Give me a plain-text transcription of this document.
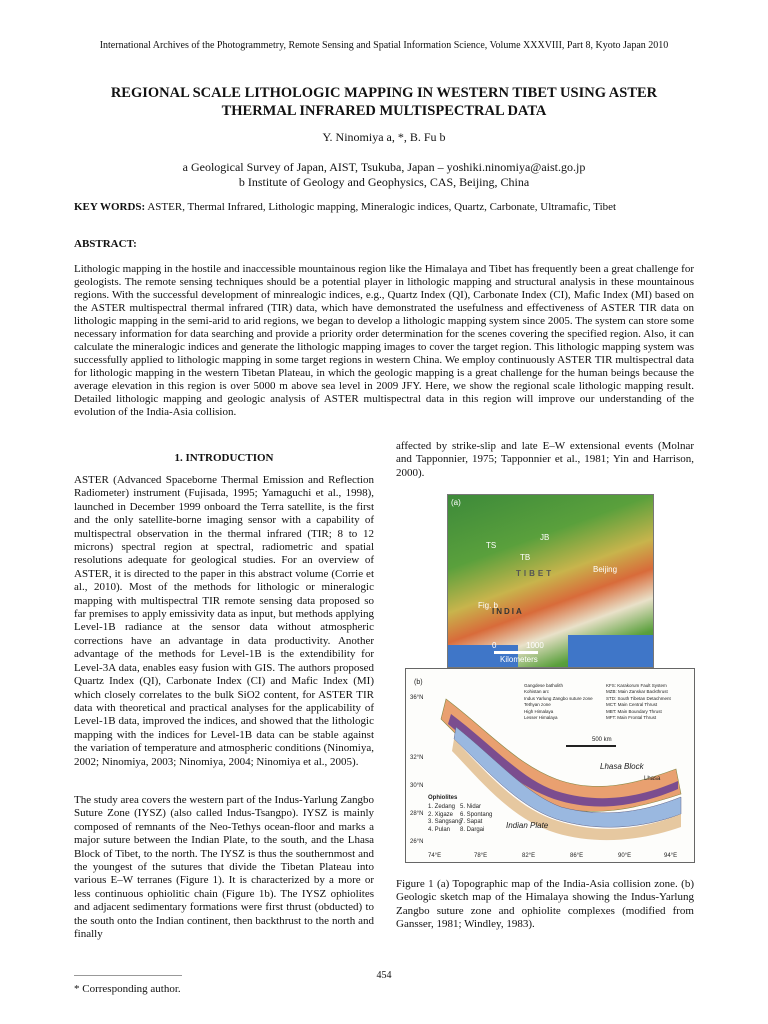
International Archives of the Photogrammetry, Remote Sensing and Spatial Information Science, Volume XXXVIII, Part 8, Kyoto Japan 2010
REGIONAL SCALE LITHOLOGIC MAPPING IN WESTERN TIBET USING ASTER
THERMAL INFRARED MULTISPECTRAL DATA
Y. Ninomiya a, *, B. Fu b
a Geological Survey of Japan, AIST, Tsukuba, Japan – yoshiki.ninomiya@aist.go.jp
b Institute of Geology and Geophysics, CAS, Beijing, China
KEY WORDS: ASTER, Thermal Infrared, Lithologic mapping, Mineralogic indices, Quartz, Carbonate, Ultramafic, Tibet
ABSTRACT:
Lithologic mapping in the hostile and inaccessible mountainous region like the Himalaya and Tibet has frequently been a great challenge for geologists. The remote sensing techniques should be a potential player in lithologic mapping and structural analysis in these mountainous regions. With the successful development of minrealogic indices, e.g., Quartz Index (QI), Carbonate Index (CI), Mafic Index (MI) based on the ASTER multispectral thermal infrared (TIR) data, which have demonstrated the usefulness and effectiveness of ASTER TIR data on lithologic mapping in the semi-arid to arid regions, we began to develop a lithologic mapping system since 2005. The system can store some necessary information for data searching and provide a priority order determination for the scenes covering the specified region. Also, it can calculate the mineralogic indices and generate the lithologic mapping images to cover the target region. This lithologic mapping system was successfully applied to lithologic mapping in some target regions in western China. We employ continuously ASTER TIR multispectral data for lithologic mapping in the western Tibetan Plateau, in which the geologic mapping is a great challenge for the human beings because the average elevation in this region is over 5000 m above sea level in 2009 JFY. Here, we show the regional scale lithologic mapping result. Detailed lithologic mapping and geologic analysis of ASTER multispectral data in this region will improve our understanding of the evolution of the India-Asia collision.
1. INTRODUCTION
ASTER (Advanced Spaceborne Thermal Emission and Reflection Radiometer) instrument (Fujisada, 1995; Yamaguchi et al., 1998), launched in December 1999 onboard the Terra satellite, is the first and the only satellite-borne imaging sensor with a capability of multispectral observation in the thermal infrared (TIR; 8 to 12 microns) spectral region at spectral, radiometric and spatial resolutions adequate for geological studies. For an overview of ASTER, it is directed to the paper in this abstract volume (Corrie et al., 2010). Most of the methods for lithologic or mineralogic mapping with multispectral TIR remote sensing data proposed so far premises to apply emissivity data as input, but methods applying Level-1B radiance at the sensor data without atmospheric corrections have an advantage in data productivity. Another advantage of the methods for Level-1B is the extendibility for Level-3A data, enables easy fusion with GIS. The authors proposed Quartz Index (QI), Carbonate Index (CI) and Mafic Index (MI) which closely correlates to the bulk SiO2 content, for ASTER TIR data with theoretical and practical analyses for the applicability of Level-1B data, improved the indices, and showed that the lithologic mapping with the indices for Level-1B data can be stable against the variation of temperature and atmospheric conditions (Ninomiya, 2002; Ninomiya, 2003; Ninomiya, 2004; Ninomiya et al., 2005).
The study area covers the western part of the Indus-Yarlung Zangbo Suture Zone (IYSZ) (also called Indus-Tsangpo). IYSZ is mainly composed of remnants of the Neo-Tethys ocean-floor and marks a major suture between the Indian Plate, to the south, and the Lhasa Block of Tibet, to the north. The IYSZ is thus the southernmost and the youngest of the sutures that divide the Tibetan Plateau into various E–W terranes (Figure 1). It is characterized by a more or less continuous ophiolitic chain (Figure 1b). The IYSZ ophiolites and adjacent sedimentary formations were first thrust (obducted) to the south onto the Indian continent, then backthrust to the north and finally
affected by strike-slip and late E–W extensional events (Molnar and Tapponnier, 1975; Tapponnier et al., 1981; Yin and Harrison, 2000).
(a)
JB
TS
TB
TIBET	Beijing
Fig. b
INDIA
0	1000
Kilometers
(b)
36°N
32°N
30°N
28°N
26°N
74°E	78°E	82°E	86°E	90°E	94°E
Lhasa Block
Lhasa
Indian Plate
500 km
Ophiolites
1. Zedang
2. Xigaze
3. Sangsang
4. Pulan
5. Nidar
6. Spontang
7. Sapat
8. Dargai
Gangdese batholith
Kohistan arc
Indus Yarlung Zangbo suture zone
Tethyan zone
High Himalaya
Lesser Himalaya
KFS: Karakorum Fault System
MZB: Main Zanskar Backthrust
STD: South Tibetan Detachment
MCT: Main Central Thrust
MBT: Main Boundary Thrust
MFT: Main Frontal Thrust
Figure 1 (a) Topographic map of the India-Asia collision zone. (b) Geologic sketch map of the Himalaya showing the Indus-Yarlung Zangbo suture zone and ophiolite complexes (modified from Gansser, 1981; Windley, 1983).
454
* Corresponding author.
